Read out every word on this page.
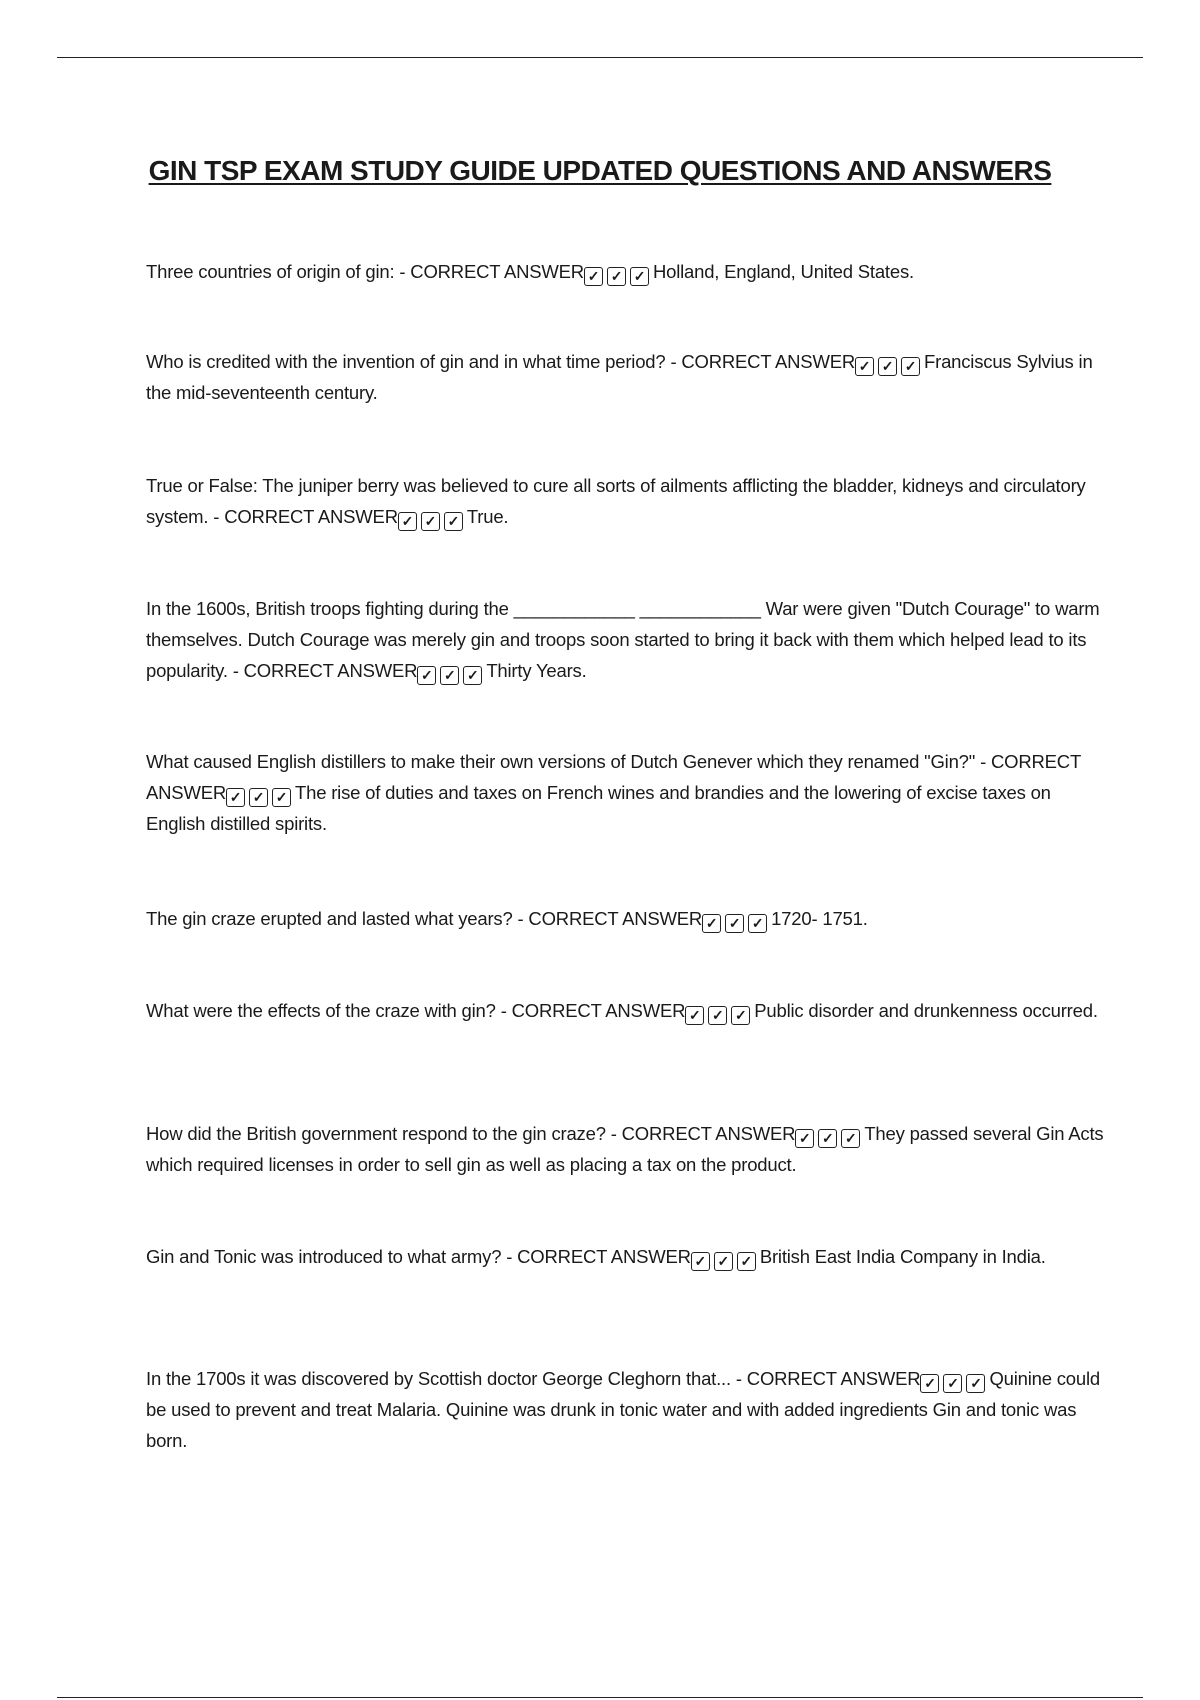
GIN TSP EXAM STUDY GUIDE UPDATED QUESTIONS AND ANSWERS
Three countries of origin of gin: - CORRECT ANSWER ✓ ✓ ✓ Holland, England, United States.
Who is credited with the invention of gin and in what time period? - CORRECT ANSWER ✓ ✓ ✓ Franciscus Sylvius in the mid-seventeenth century.
True or False: The juniper berry was believed to cure all sorts of ailments afflicting the bladder, kidneys and circulatory system. - CORRECT ANSWER ✓ ✓ ✓ True.
In the 1600s, British troops fighting during the ____________ ____________ War were given "Dutch Courage" to warm themselves. Dutch Courage was merely gin and troops soon started to bring it back with them which helped lead to its popularity. - CORRECT ANSWER ✓ ✓ ✓ Thirty Years.
What caused English distillers to make their own versions of Dutch Genever which they renamed "Gin?" - CORRECT ANSWER ✓ ✓ ✓ The rise of duties and taxes on French wines and brandies and the lowering of excise taxes on English distilled spirits.
The gin craze erupted and lasted what years? - CORRECT ANSWER ✓ ✓ ✓ 1720- 1751.
What were the effects of the craze with gin? - CORRECT ANSWER ✓ ✓ ✓ Public disorder and drunkenness occurred.
How did the British government respond to the gin craze? - CORRECT ANSWER ✓ ✓ ✓ They passed several Gin Acts which required licenses in order to sell gin as well as placing a tax on the product.
Gin and Tonic was introduced to what army? - CORRECT ANSWER ✓ ✓ ✓ British East India Company in India.
In the 1700s it was discovered by Scottish doctor George Cleghorn that... - CORRECT ANSWER ✓ ✓ ✓ Quinine could be used to prevent and treat Malaria. Quinine was drunk in tonic water and with added ingredients Gin and tonic was born.
